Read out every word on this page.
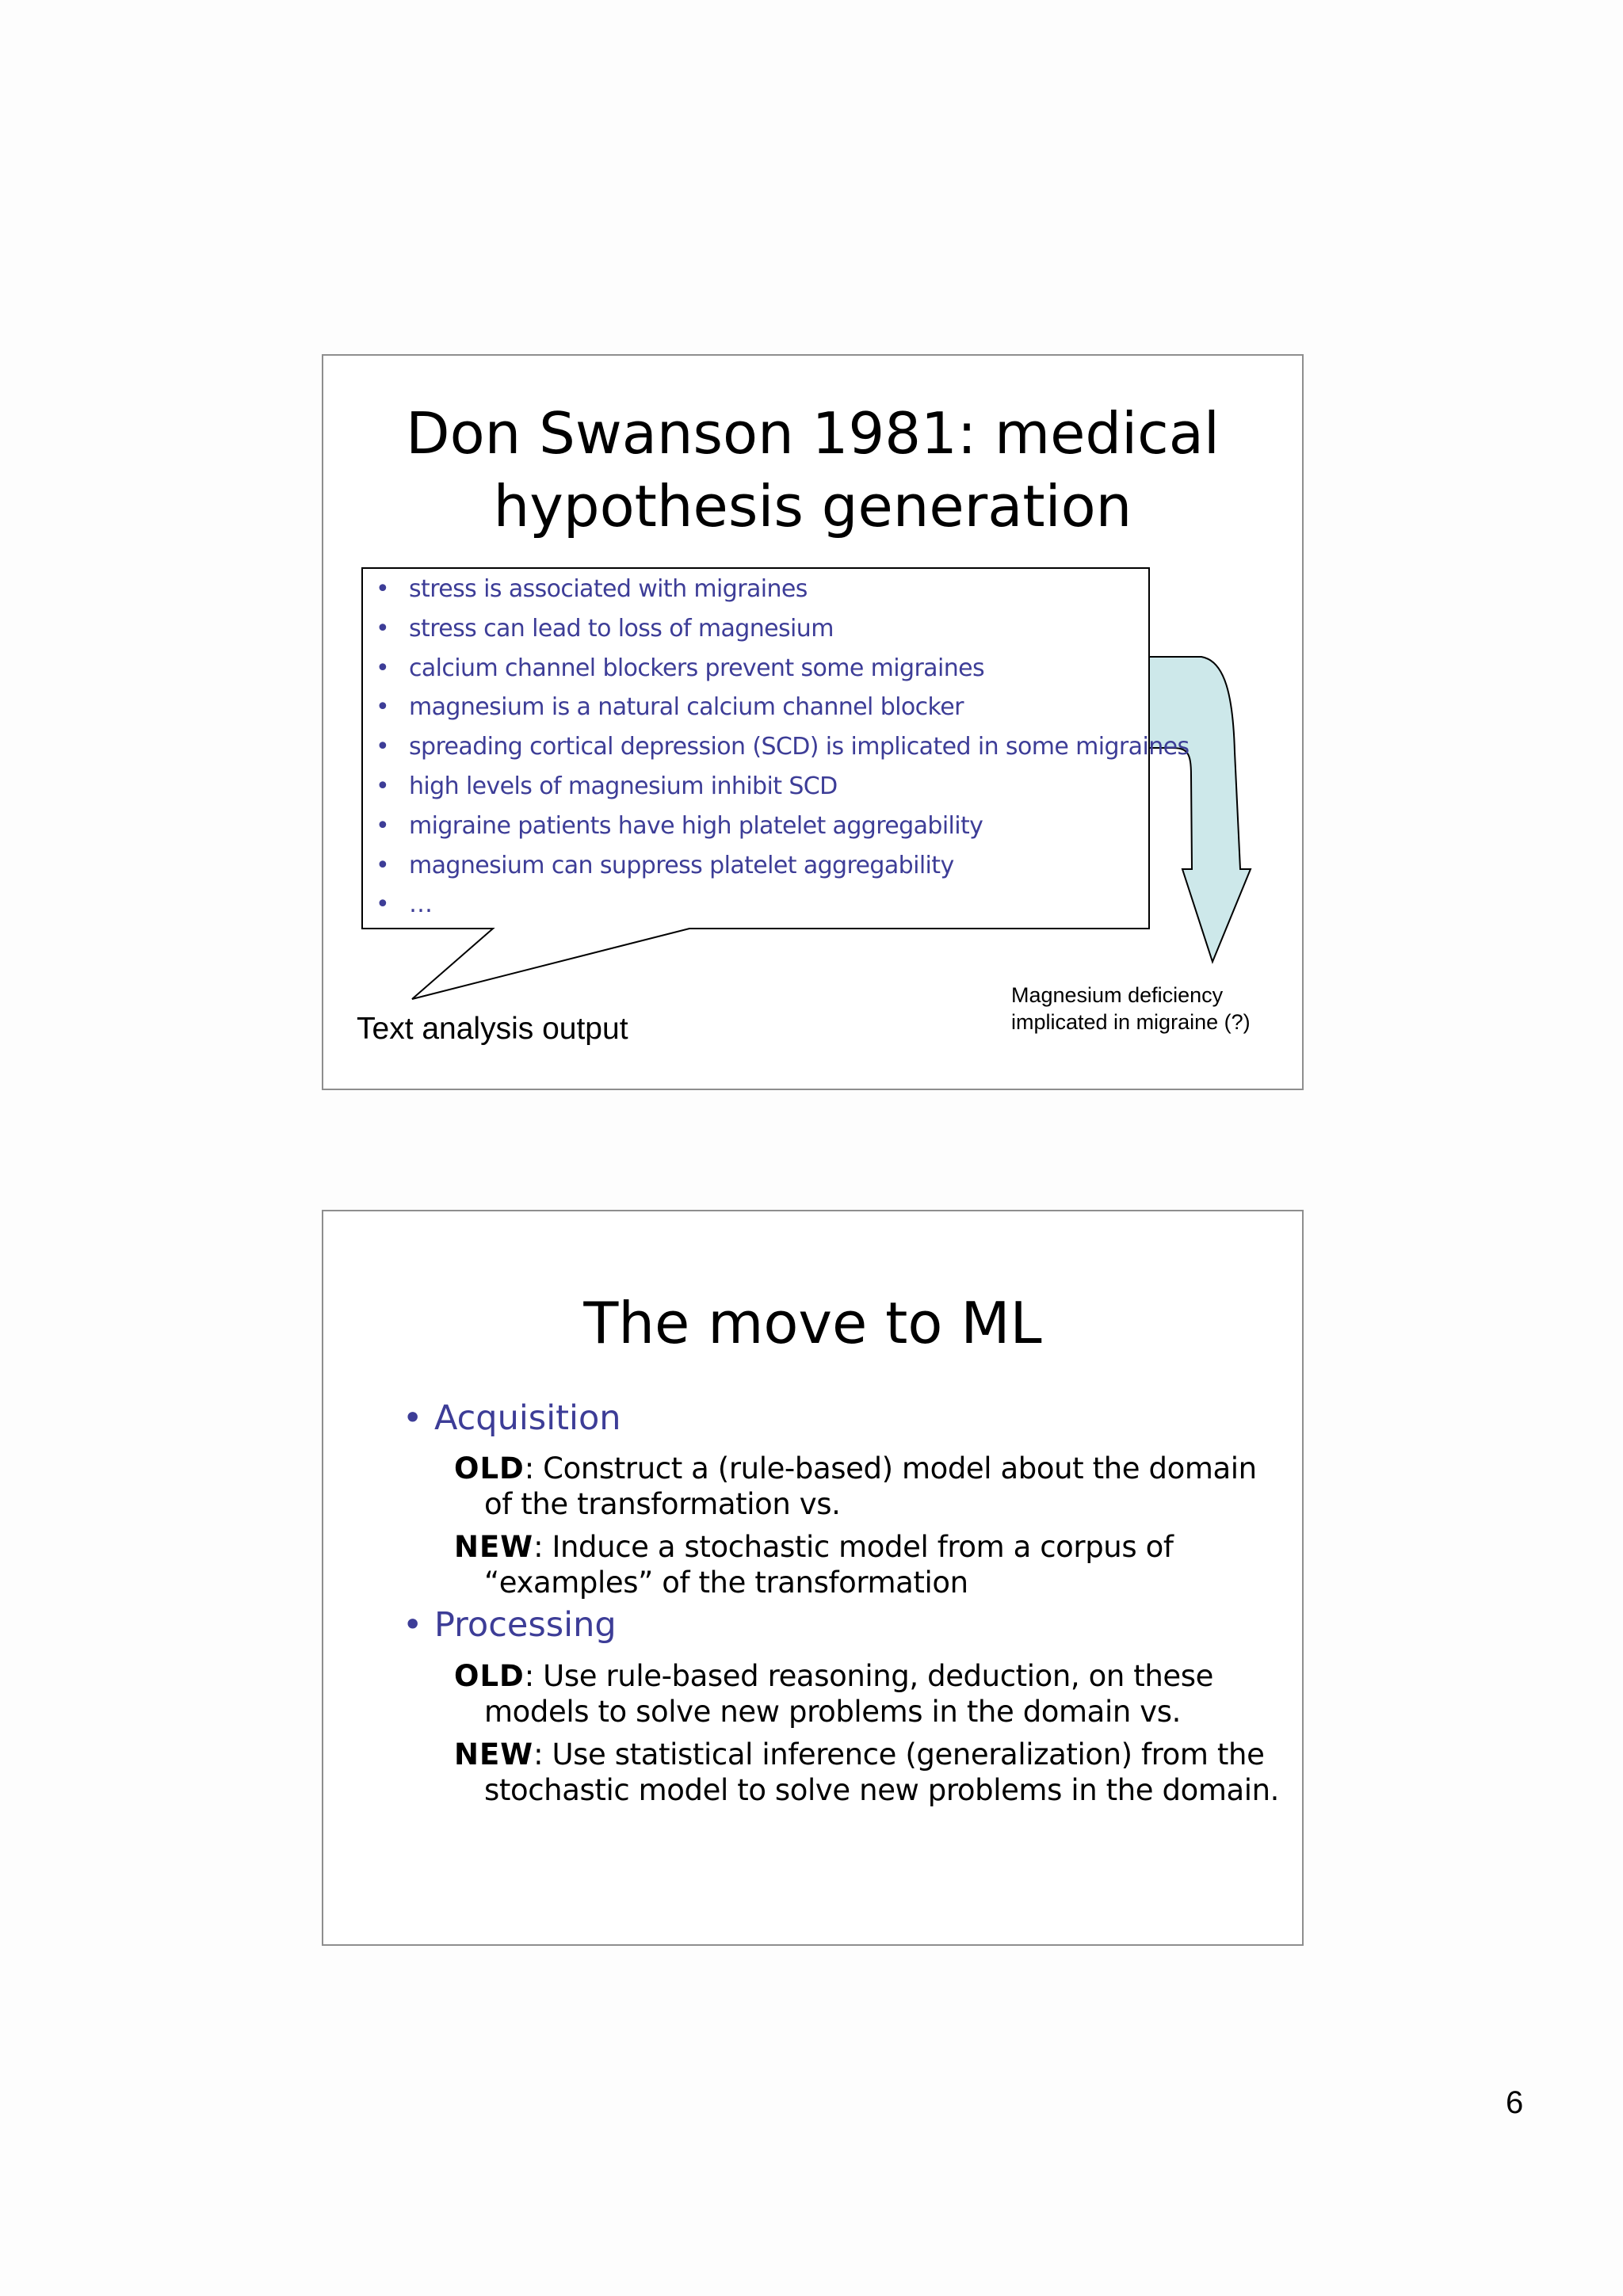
Don Swanson 1981: medical
hypothesis generation
• stress is associated with migraines
• stress can lead to loss of magnesium
• calcium channel blockers prevent some migraines
• magnesium is a natural calcium channel blocker
• spreading cortical depression (SCD) is implicated in some migraines
• high levels of magnesium inhibit SCD
• migraine patients have high platelet aggregability
• magnesium can suppress platelet aggregability
• …
Text analysis output
Magnesium deficiency
implicated in migraine (?)
The move to ML
• Acquisition
OLD: Construct a (rule-based) model about the domain
of the transformation vs.
NEW: Induce a stochastic model from a corpus of
“examples” of the transformation
• Processing
OLD: Use rule-based reasoning, deduction, on these
models to solve new problems in the domain vs.
NEW: Use statistical inference (generalization) from the
stochastic model to solve new problems in the domain.
6
